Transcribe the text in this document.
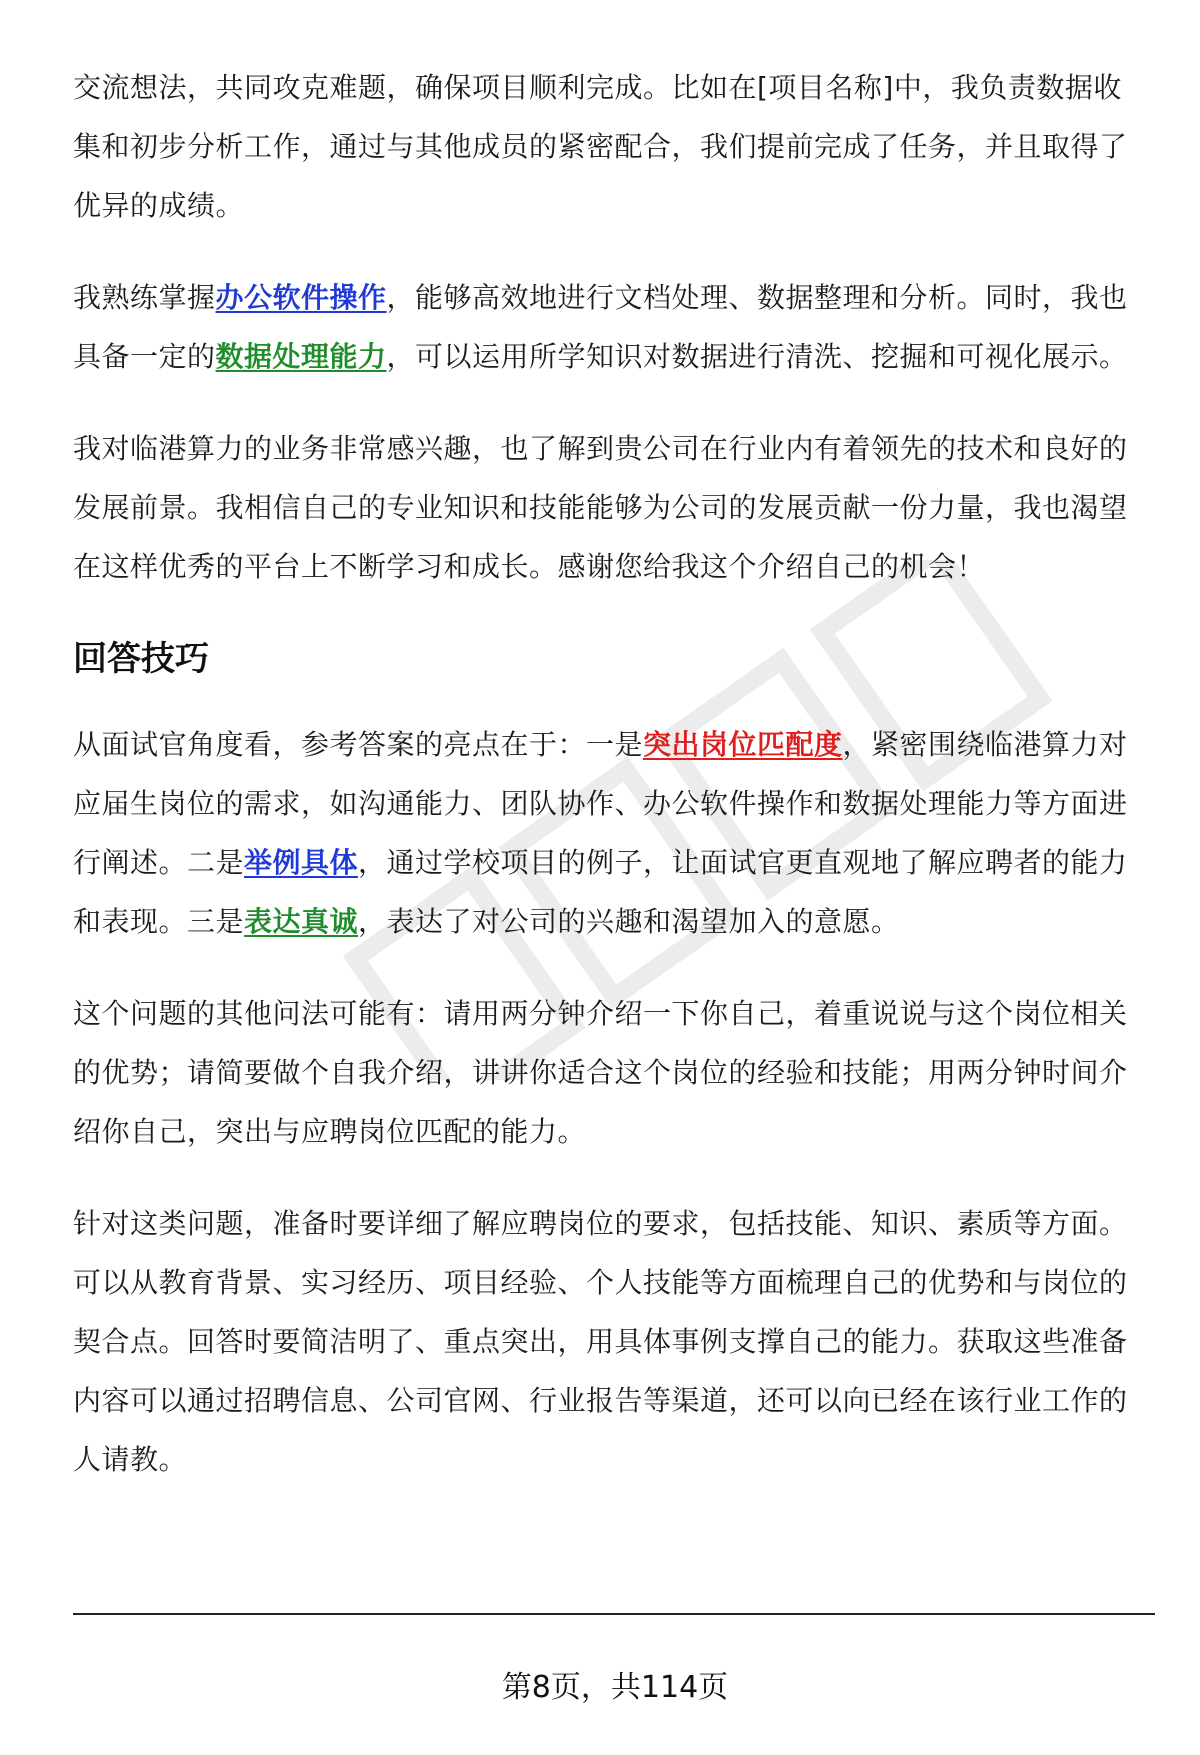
交流想法，共同攻克难题，确保项目顺利完成。比如在[项目名称]中，我负责数据收集和初步分析工作，通过与其他成员的紧密配合，我们提前完成了任务，并且取得了优异的成绩。

我熟练掌握办公软件操作，能够高效地进行文档处理、数据整理和分析。同时，我也具备一定的数据处理能力，可以运用所学知识对数据进行清洗、挖掘和可视化展示。

我对临港算力的业务非常感兴趣，也了解到贵公司在行业内有着领先的技术和良好的发展前景。我相信自己的专业知识和技能能够为公司的发展贡献一份力量，我也渴望在这样优秀的平台上不断学习和成长。感谢您给我这个介绍自己的机会！

回答技巧

从面试官角度看，参考答案的亮点在于：一是突出岗位匹配度，紧密围绕临港算力对应届生岗位的需求，如沟通能力、团队协作、办公软件操作和数据处理能力等方面进行阐述。二是举例具体，通过学校项目的例子，让面试官更直观地了解应聘者的能力和表现。三是表达真诚，表达了对公司的兴趣和渴望加入的意愿。

这个问题的其他问法可能有：请用两分钟介绍一下你自己，着重说说与这个岗位相关的优势；请简要做个自我介绍，讲讲你适合这个岗位的经验和技能；用两分钟时间介绍你自己，突出与应聘岗位匹配的能力。

针对这类问题，准备时要详细了解应聘岗位的要求，包括技能、知识、素质等方面。可以从教育背景、实习经历、项目经验、个人技能等方面梳理自己的优势和与岗位的契合点。回答时要简洁明了、重点突出，用具体事例支撑自己的能力。获取这些准备内容可以通过招聘信息、公司官网、行业报告等渠道，还可以向已经在该行业工作的人请教。

第8页，共114页
